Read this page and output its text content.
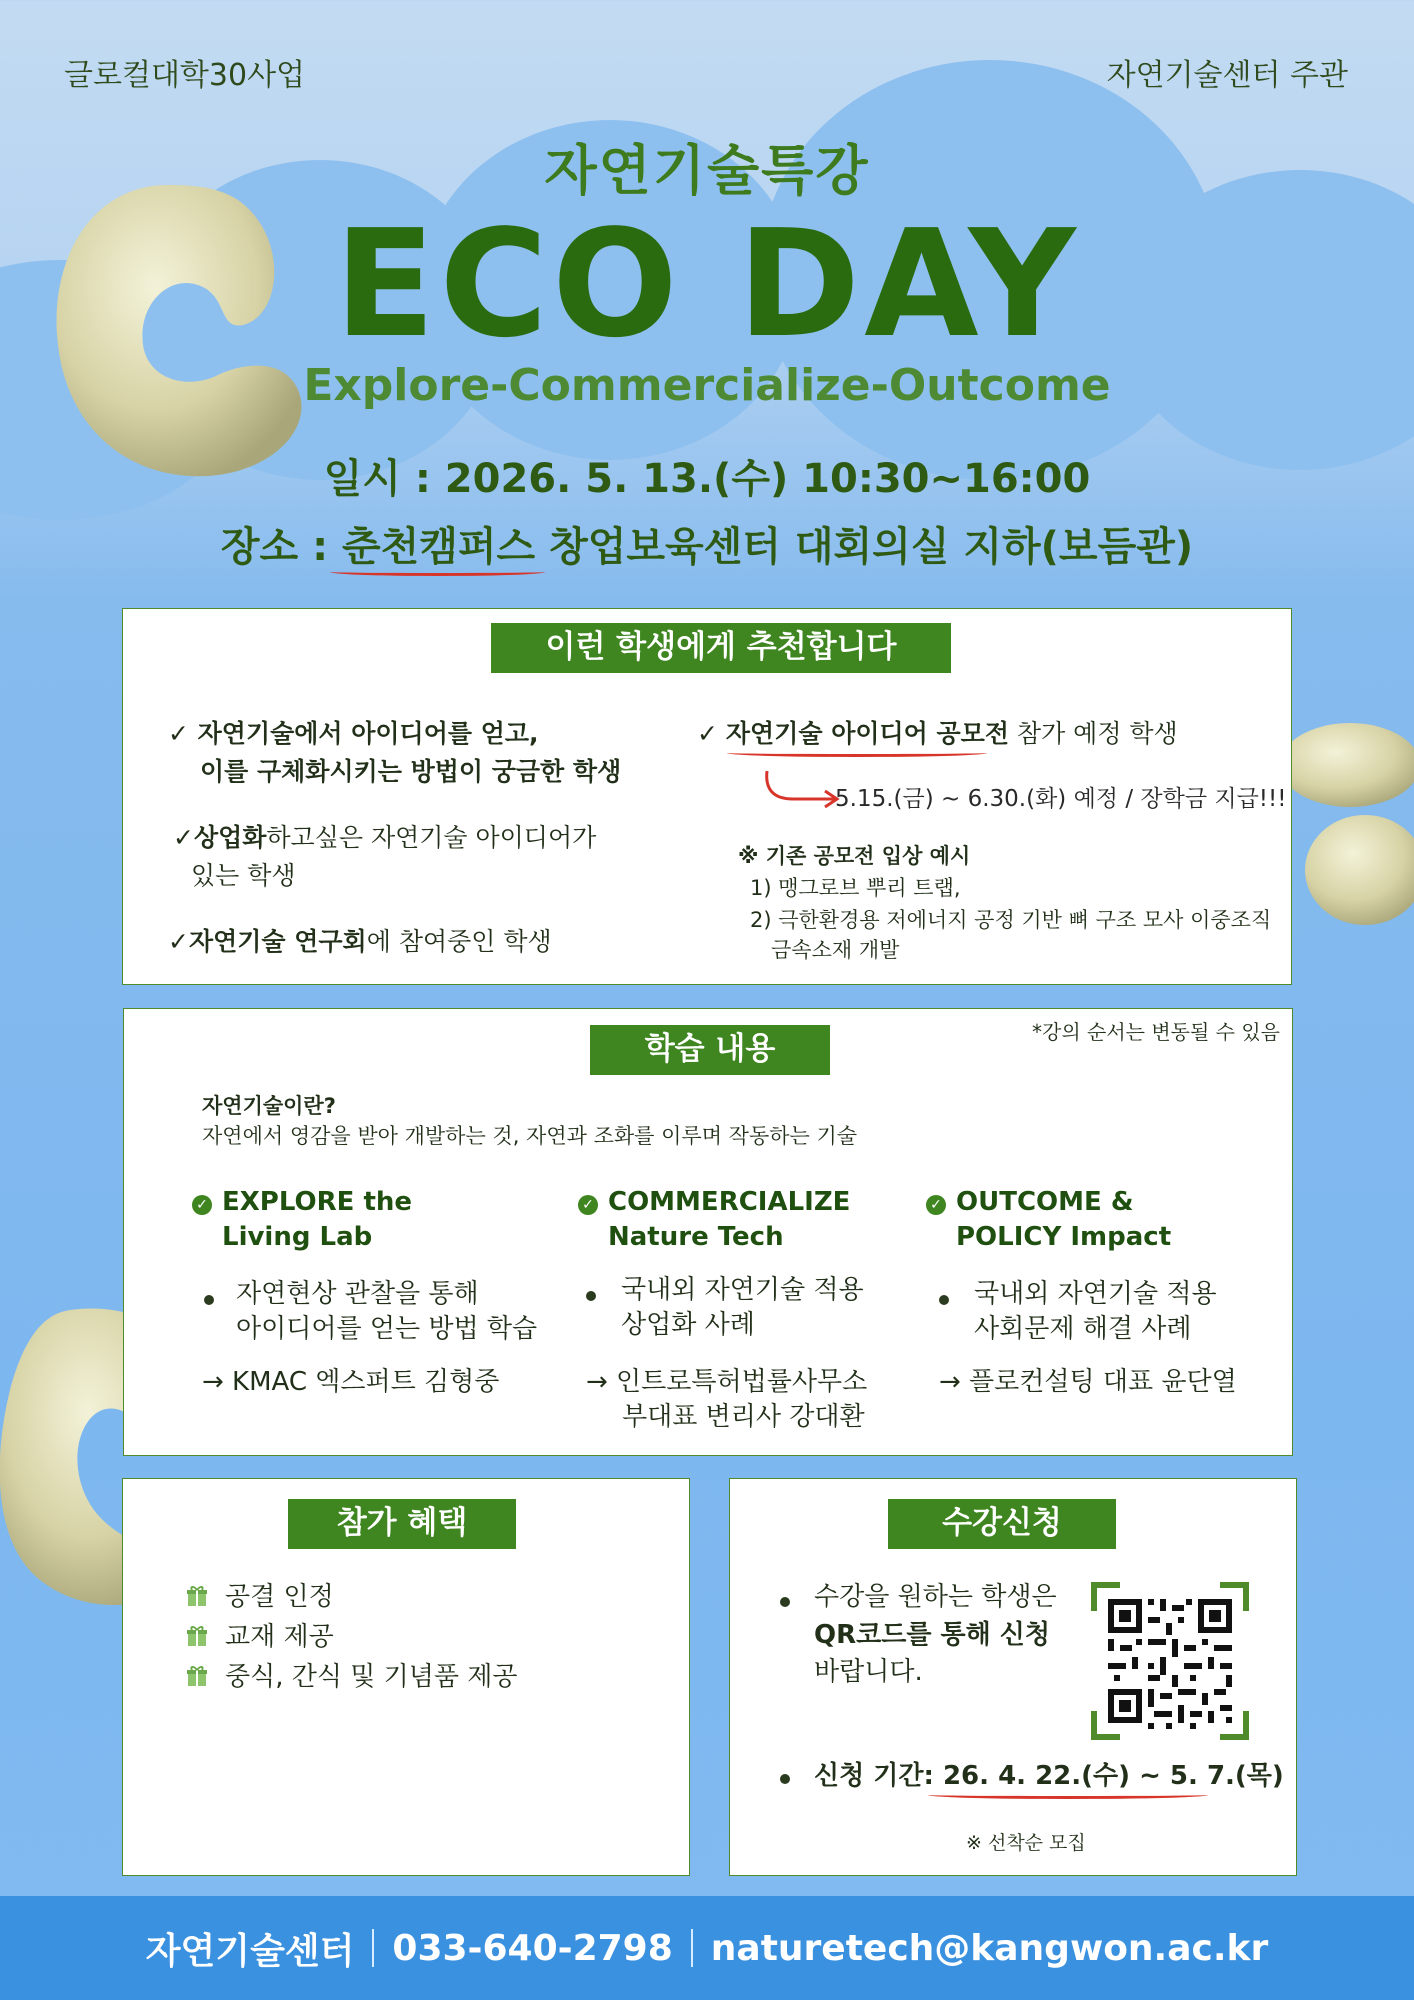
글로컬대학30사업	자연기술센터 주관
자연기술특강
ECO DAY
Explore-Commercialize-Outcome
일시 : 2026. 5. 13.(수) 10:30~16:00
장소 : 춘천캠퍼스 창업보육센터 대회의실 지하(보듬관)
이런 학생에게 추천합니다
✓ 자연기술에서 아이디어를 얻고,
이를 구체화시키는 방법이 궁금한 학생
✓상업화하고싶은 자연기술 아이디어가
있는 학생
✓자연기술 연구회에 참여중인 학생
✓ 자연기술 아이디어 공모전 참가 예정 학생
5.15.(금) ~ 6.30.(화) 예정 / 장학금 지급!!!
※ 기존 공모전 입상 예시
1) 맹그로브 뿌리 트랩,
2) 극한환경용 저에너지 공정 기반 뼈 구조 모사 이중조직
금속소재 개발
학습 내용	*강의 순서는 변동될 수 있음
자연기술이란?
자연에서 영감을 받아 개발하는 것, 자연과 조화를 이루며 작동하는 기술
✓ EXPLORE the
Living Lab
자연현상 관찰을 통해
아이디어를 얻는 방법 학습
→ KMAC 엑스퍼트 김형중
✓ COMMERCIALIZE
Nature Tech
국내외 자연기술 적용
상업화 사례
→ 인트로특허법률사무소
부대표 변리사 강대환
✓ OUTCOME &
POLICY Impact
국내외 자연기술 적용
사회문제 해결 사례
→ 플로컨설팅 대표 윤단열
참가 혜택
공결 인정
교재 제공
중식, 간식 및 기념품 제공
수강신청
수강을 원하는 학생은
QR코드를 통해 신청
바랍니다.
신청 기간: 26. 4. 22.(수) ~ 5. 7.(목)
※ 선착순 모집
자연기술센터 033-640-2798 naturetech@kangwon.ac.kr
